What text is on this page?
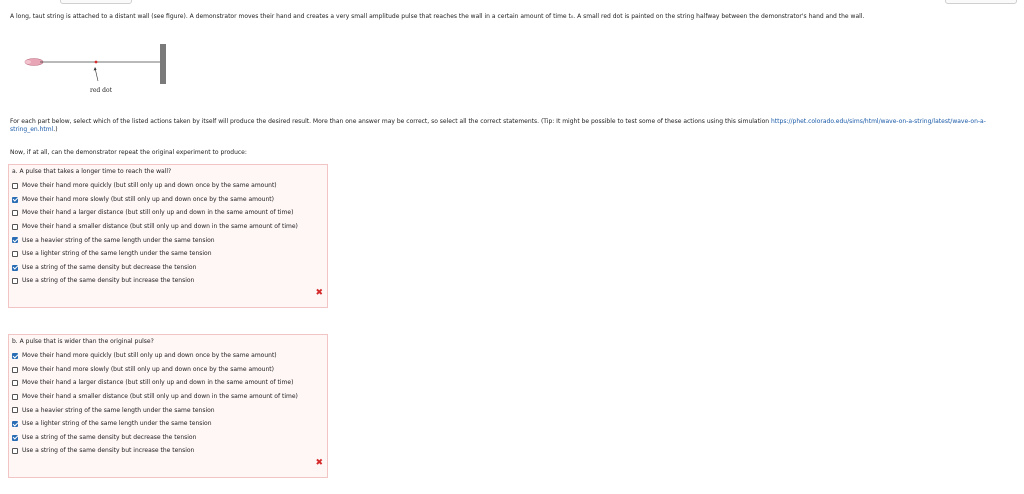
A long, taut string is attached to a distant wall (see figure). A demonstrator moves their hand and creates a very small amplitude pulse that reaches the wall in a certain amount of time t₀. A small red dot is painted on the string halfway between the demonstrator's hand and the wall.
red dot
For each part below, select which of the listed actions taken by itself will produce the desired result. More than one answer may be correct, so select all the correct statements. (Tip: It might be possible to test some of these actions using this simulation https://phet.colorado.edu/sims/html/wave-on-a-string/latest/wave-on-a-string_en.html.)
Now, if at all, can the demonstrator repeat the original experiment to produce:
a. A pulse that takes a longer time to reach the wall?
Move their hand more quickly (but still only up and down once by the same amount)
Move their hand more slowly (but still only up and down once by the same amount)
Move their hand a larger distance (but still only up and down in the same amount of time)
Move their hand a smaller distance (but still only up and down in the same amount of time)
Use a heavier string of the same length under the same tension
Use a lighter string of the same length under the same tension
Use a string of the same density but decrease the tension
Use a string of the same density but increase the tension
✖
b. A pulse that is wider than the original pulse?
Move their hand more quickly (but still only up and down once by the same amount)
Move their hand more slowly (but still only up and down once by the same amount)
Move their hand a larger distance (but still only up and down in the same amount of time)
Move their hand a smaller distance (but still only up and down in the same amount of time)
Use a heavier string of the same length under the same tension
Use a lighter string of the same length under the same tension
Use a string of the same density but decrease the tension
Use a string of the same density but increase the tension
✖
